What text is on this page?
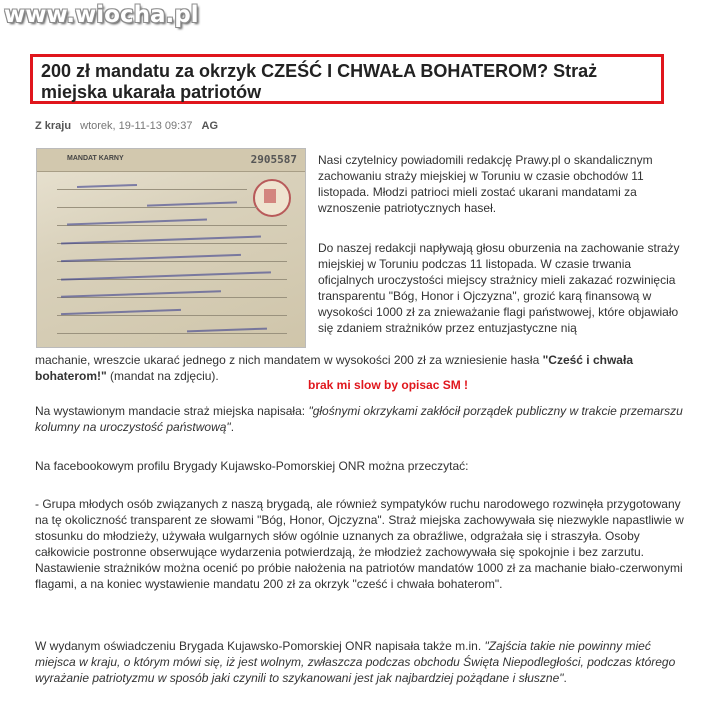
www.wiocha.pl
200 zł mandatu za okrzyk CZEŚĆ I CHWAŁA BOHATEROM? Straż miejska ukarała patriotów
Z kraju wtorek, 19-11-13 09:37 AG
MANDAT KARNY	2905587 Nasi czytelnicy powiadomili redakcję Prawy.pl o skandalicznym zachowaniu straży miejskiej w Toruniu w czasie obchodów 11 listopada. Młodzi patrioci mieli zostać ukarani mandatami za wznoszenie patriotycznych haseł.

Do naszej redakcji napływają głosu oburzenia na zachowanie straży miejskiej w Toruniu podczas 11 listopada. W czasie trwania oficjalnych uroczystości miejscy strażnicy mieli zakazać rozwinięcia transparentu "Bóg, Honor i Ojczyzna", grozić karą finansową w wysokości 1000 zł za znieważanie flagi państwowej, które objawiało się zdaniem strażników przez entuzjastyczne nią

machanie, wreszcie ukarać jednego z nich mandatem w wysokości 200 zł za wzniesienie hasła "Cześć i chwała bohaterom!" (mandat na zdjęciu).

brak mi slow by opisac SM !

Na wystawionym mandacie straż miejska napisała: "głośnymi okrzykami zakłócił porządek publiczny w trakcie przemarszu kolumny na uroczystość państwową".

Na facebookowym profilu Brygady Kujawsko-Pomorskiej ONR można przeczytać:

- Grupa młodych osób związanych z naszą brygadą, ale również sympatyków ruchu narodowego rozwinęła przygotowany na tę okoliczność transparent ze słowami "Bóg, Honor, Ojczyzna". Straż miejska zachowywała się niezwykle napastliwie w stosunku do młodzieży, używała wulgarnych słów ogólnie uznanych za obraźliwe, odgrażała się i straszyła. Osoby całkowicie postronne obserwujące wydarzenia potwierdzają, że młodzież zachowywała się spokojnie i bez zarzutu. Nastawienie strażników można ocenić po próbie nałożenia na patriotów mandatów 1000 zł za machanie biało-czerwonymi flagami, a na koniec wystawienie mandatu 200 zł za okrzyk "cześć i chwała bohaterom".

W wydanym oświadczeniu Brygada Kujawsko-Pomorskiej ONR napisała także m.in. "Zajścia takie nie powinny mieć miejsca w kraju, o którym mówi się, iż jest wolnym, zwłaszcza podczas obchodu Święta Niepodległości, podczas którego wyrażanie patriotyzmu w sposób jaki czynili to szykanowani jest jak najbardziej pożądane i słuszne".
